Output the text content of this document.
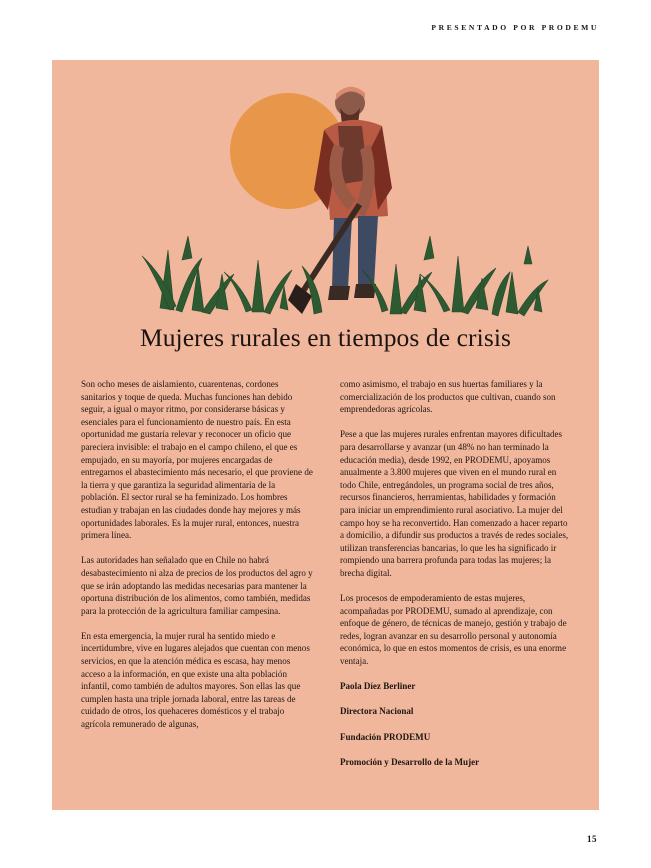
PRESENTADO POR PRODEMU
Mujeres rurales en tiempos de crisis

Son ocho meses de aislamiento, cuarentenas, cordones sanitarios y toque de queda. Muchas funciones han debido seguir, a igual o mayor ritmo, por considerarse básicas y esenciales para el funcionamiento de nuestro país. En esta oportunidad me gustaría relevar y reconocer un oficio que pareciera invisible: el trabajo en el campo chileno, el que es empujado, en su mayoría, por mujeres encargadas de entregarnos el abastecimiento más necesario, el que proviene de la tierra y que garantiza la seguridad alimentaria de la población. El sector rural se ha feminizado. Los hombres estudian y trabajan en las ciudades donde hay mejores y más oportunidades laborales. Es la mujer rural, entonces, nuestra primera línea.

Las autoridades han señalado que en Chile no habrá desabastecimiento ni alza de precios de los productos del agro y que se irán adoptando las medidas necesarias para mantener la oportuna distribución de los alimentos, como también, medidas para la protección de la agricultura familiar campesina.

En esta emergencia, la mujer rural ha sentido miedo e incertidumbre, vive en lugares alejados que cuentan con menos servicios, en que la atención médica es escasa, hay menos acceso a la información, en que existe una alta población infantil, como también de adultos mayores. Son ellas las que cumplen hasta una triple jornada laboral, entre las tareas de cuidado de otros, los quehaceres domésticos y el trabajo agrícola remunerado de algunas,

como asimismo, el trabajo en sus huertas familiares y la comercialización de los productos que cultivan, cuando son emprendedoras agrícolas.

Pese a que las mujeres rurales enfrentan mayores dificultades para desarrollarse y avanzar (un 48% no han terminado la educación media), desde 1992, en PRODEMU, apoyamos anualmente a 3.800 mujeres que viven en el mundo rural en todo Chile, entregándoles, un programa social de tres años, recursos financieros, herramientas, habilidades y formación para iniciar un emprendimiento rural asociativo. La mujer del campo hoy se ha reconvertido. Han comenzado a hacer reparto a domicilio, a difundir sus productos a través de redes sociales, utilizan transferencias bancarias, lo que les ha significado ir rompiendo una barrera profunda para todas las mujeres; la brecha digital.

Los procesos de empoderamiento de estas mujeres, acompañadas por PRODEMU, sumado al aprendizaje, con enfoque de género, de técnicas de manejo, gestión y trabajo de redes, logran avanzar en su desarrollo personal y autonomía económica, lo que en estos momentos de crisis, es una enorme ventaja.

Paola Díez Berliner

Directora Nacional

Fundación PRODEMU

Promoción y Desarrollo de la Mujer

15
